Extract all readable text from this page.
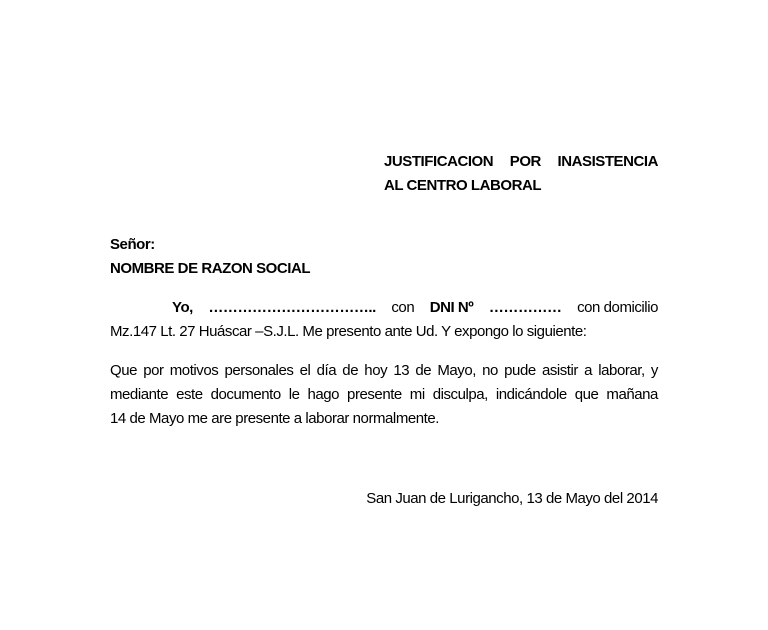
JUSTIFICACION POR INASISTENCIA
AL CENTRO LABORAL
Señor:
NOMBRE DE RAZON SOCIAL
Yo, …………………………….. con DNI Nº …………… con domicilio
Mz.147 Lt. 27 Huáscar –S.J.L. Me presento ante Ud. Y expongo lo siguiente:
Que por motivos personales el día de hoy 13 de Mayo, no pude asistir a laborar, y
mediante este documento le hago presente mi disculpa, indicándole que mañana
14 de Mayo me are presente a laborar normalmente.
San Juan de Lurigancho, 13 de Mayo del 2014
